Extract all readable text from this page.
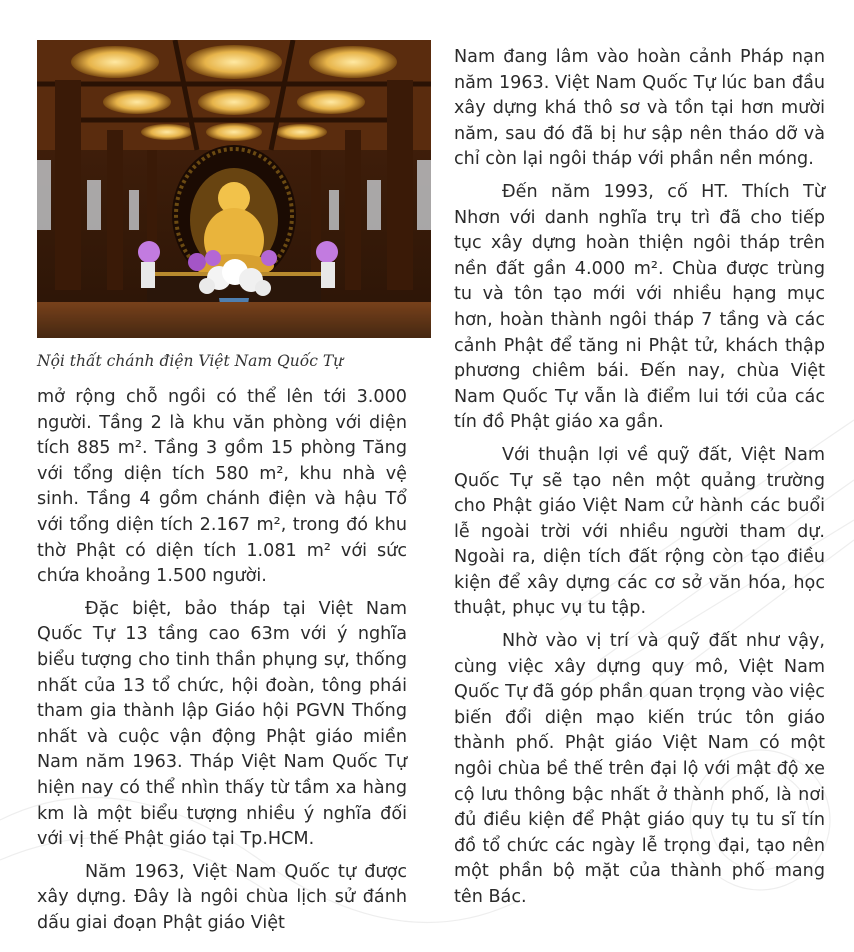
Nội thất chánh điện Việt Nam Quốc Tự

mở rộng chỗ ngồi có thể lên tới 3.000 người. Tầng 2 là khu văn phòng với diện tích 885 m². Tầng 3 gồm 15 phòng Tăng với tổng diện tích 580 m², khu nhà vệ sinh. Tầng 4 gồm chánh điện và hậu Tổ với tổng diện tích 2.167 m², trong đó khu thờ Phật có diện tích 1.081 m² với sức chứa khoảng 1.500 người.

Đặc biệt, bảo tháp tại Việt Nam Quốc Tự 13 tầng cao 63m với ý nghĩa biểu tượng cho tinh thần phụng sự, thống nhất của 13 tổ chức, hội đoàn, tông phái tham gia thành lập Giáo hội PGVN Thống nhất và cuộc vận động Phật giáo miền Nam năm 1963. Tháp Việt Nam Quốc Tự hiện nay có thể nhìn thấy từ tầm xa hàng km là một biểu tượng nhiều ý nghĩa đối với vị thế Phật giáo tại Tp.HCM.

Năm 1963, Việt Nam Quốc tự được xây dựng. Đây là ngôi chùa lịch sử đánh dấu giai đoạn Phật giáo Việt

Nam đang lâm vào hoàn cảnh Pháp nạn năm 1963. Việt Nam Quốc Tự lúc ban đầu xây dựng khá thô sơ và tồn tại hơn mười năm, sau đó đã bị hư sập nên tháo dỡ và chỉ còn lại ngôi tháp với phần nền móng.

Đến năm 1993, cố HT. Thích Từ Nhơn với danh nghĩa trụ trì đã cho tiếp tục xây dựng hoàn thiện ngôi tháp trên nền đất gần 4.000 m². Chùa được trùng tu và tôn tạo mới với nhiều hạng mục hơn, hoàn thành ngôi tháp 7 tầng và các cảnh Phật để tăng ni Phật tử, khách thập phương chiêm bái. Đến nay, chùa Việt Nam Quốc Tự vẫn là điểm lui tới của các tín đồ Phật giáo xa gần.

Với thuận lợi về quỹ đất, Việt Nam Quốc Tự sẽ tạo nên một quảng trường cho Phật giáo Việt Nam cử hành các buổi lễ ngoài trời với nhiều người tham dự. Ngoài ra, diện tích đất rộng còn tạo điều kiện để xây dựng các cơ sở văn hóa, học thuật, phục vụ tu tập.

Nhờ vào vị trí và quỹ đất như vậy, cùng việc xây dựng quy mô, Việt Nam Quốc Tự đã góp phần quan trọng vào việc biến đổi diện mạo kiến trúc tôn giáo thành phố. Phật giáo Việt Nam có một ngôi chùa bề thế trên đại lộ với mật độ xe cộ lưu thông bậc nhất ở thành phố, là nơi đủ điều kiện để Phật giáo quy tụ tu sĩ tín đồ tổ chức các ngày lễ trọng đại, tạo nên một phần bộ mặt của thành phố mang tên Bác.
